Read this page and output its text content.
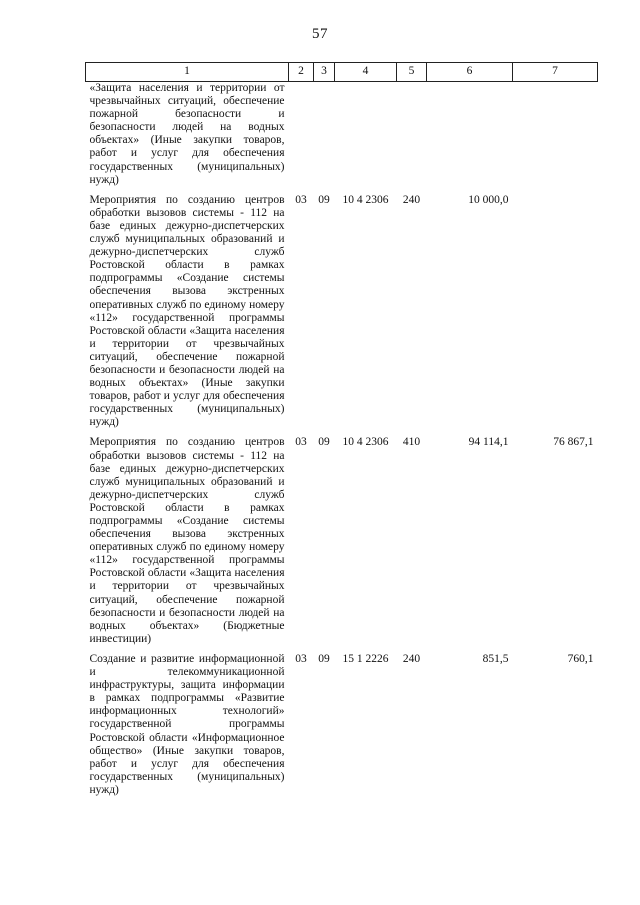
57
1	2	3	4	5	6	7
«Защита населения и территории от чрезвычайных ситуаций, обеспечение пожарной безопасности и безопасности людей на водных объектах» (Иные закупки товаров, работ и услуг для обеспечения государственных (муниципальных) нужд)						

Мероприятия по созданию центров обработки вызовов системы - 112 на базе единых дежурно-диспетчерских служб муниципальных образований и дежурно-диспетчерских служб Ростовской области в рамках подпрограммы «Создание системы обеспечения вызова экстренных оперативных служб по единому номеру «112» государственной программы Ростовской области «Защита населения и территории от чрезвычайных ситуаций, обеспечение пожарной безопасности и безопасности людей на водных объектах» (Иные закупки товаров, работ и услуг для обеспечения государственных (муниципальных) нужд)	03	09	10 4 2306	240	10 000,0	

Мероприятия по созданию центров обработки вызовов системы - 112 на базе единых дежурно-диспетчерских служб муниципальных образований и дежурно-диспетчерских служб Ростовской области в рамках подпрограммы «Создание системы обеспечения вызова экстренных оперативных служб по единому номеру «112» государственной программы Ростовской области «Защита населения и территории от чрезвычайных ситуаций, обеспечение пожарной безопасности и безопасности людей на водных объектах» (Бюджетные инвестиции)	03	09	10 4 2306	410	94 114,1	76 867,1

Создание и развитие информационной и телекоммуникационной инфраструктуры, защита информации в рамках подпрограммы «Развитие информационных технологий» государственной программы Ростовской области «Информационное общество» (Иные закупки товаров, работ и услуг для обеспечения государственных (муниципальных) нужд)	03	09	15 1 2226	240	851,5	760,1
